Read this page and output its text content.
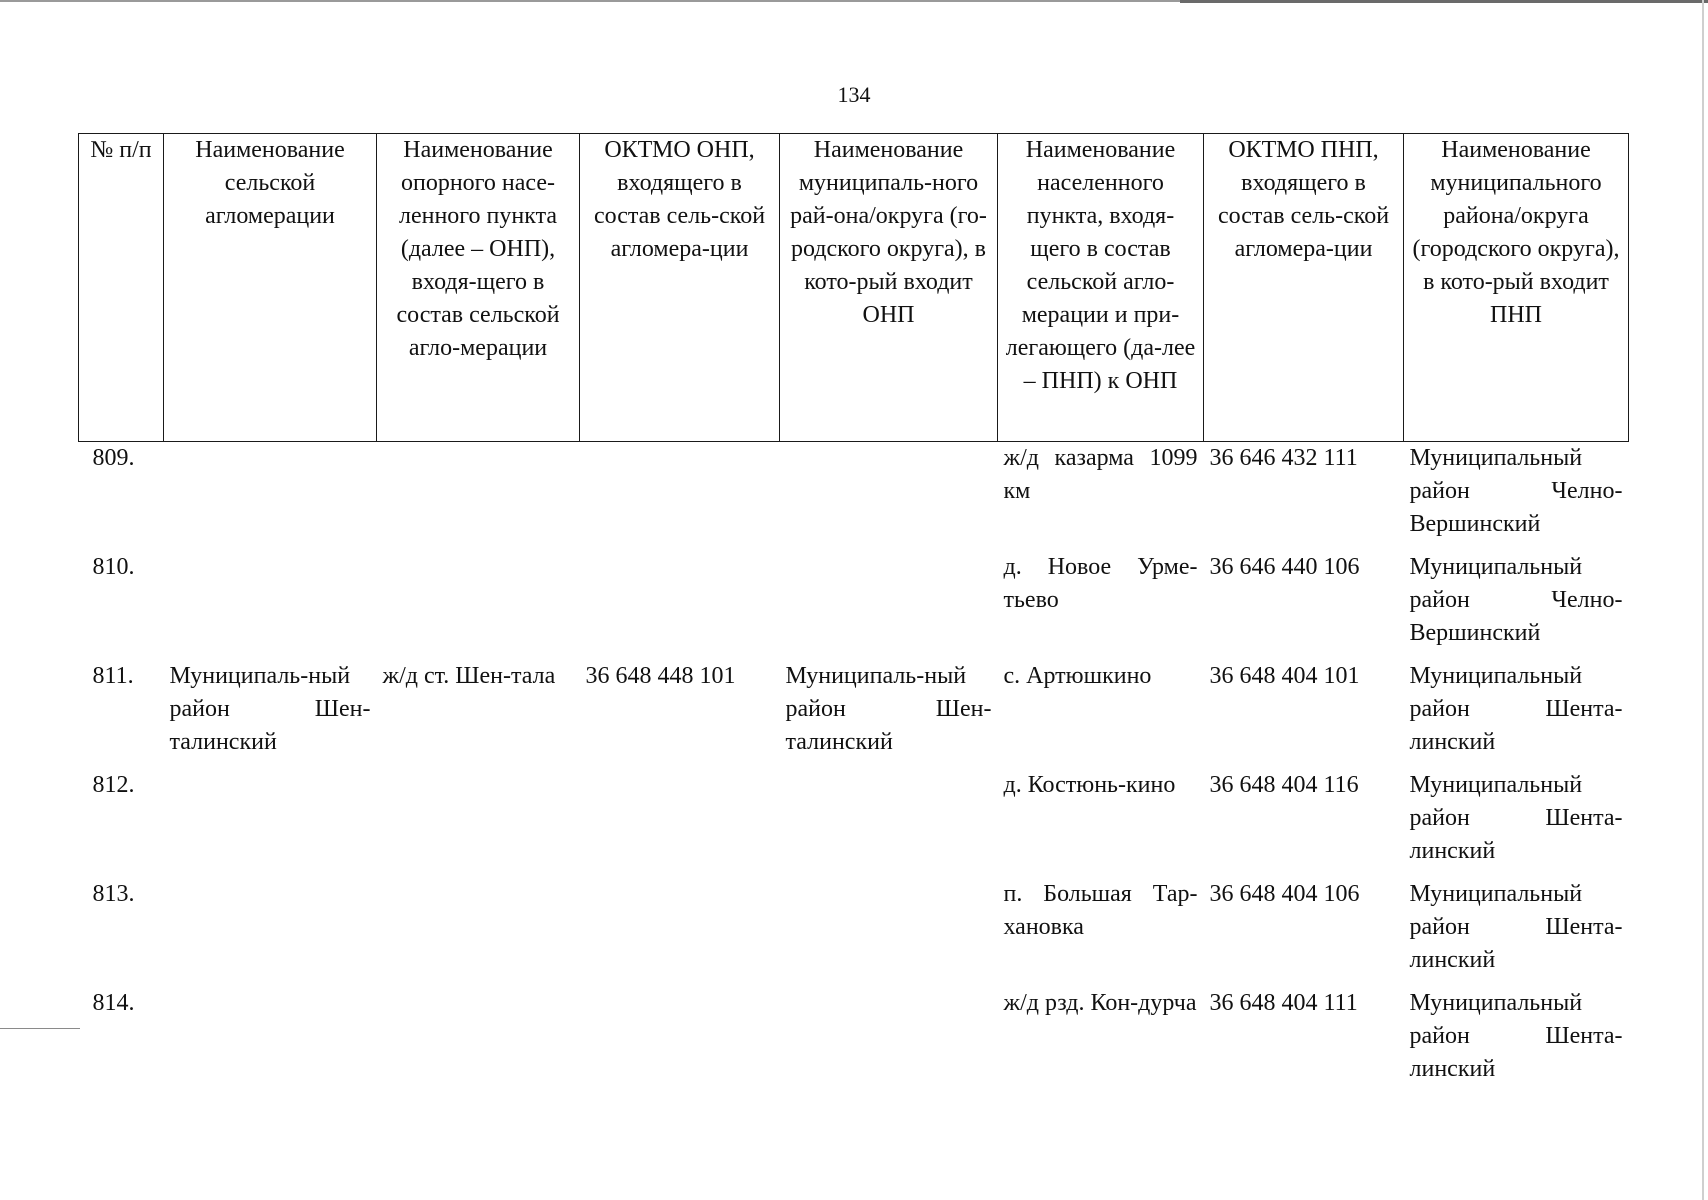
134
№ п/п	Наименование сельской агломерации	Наименование опорного насе-ленного пункта (далее – ОНП), входя-щего в состав сельской агло-мерации	ОКТМО ОНП, входящего в состав сель-ской агломера-ции	Наименование муниципаль-ного рай-она/округа (го-родского округа), в кото-рый входит ОНП	Наименование населенного пункта, входя-щего в состав сельской агло-мерации и при-легающего (да-лее – ПНП) к ОНП	ОКТМО ПНП, входящего в состав сель-ской агломера-ции	Наименование муниципального района/округа (городского округа), в кото-рый входит ПНП

809.					ж/д казарма 1099 км	36 646 432 111	Муниципальный район Челно-Вершинский
810.					д. Новое Урме-тьево	36 646 440 106	Муниципальный район Челно-Вершинский
811.	Муниципаль-ный район Шен-талинский	ж/д ст. Шен-тала	36 648 448 101	Муниципаль-ный район Шен-талинский	с. Артюшкино	36 648 404 101	Муниципальный район Шента-линский
812.					д. Костюнь-кино	36 648 404 116	Муниципальный район Шента-линский
813.					п. Большая Тар-хановка	36 648 404 106	Муниципальный район Шента-линский
814.					ж/д рзд. Кон-дурча	36 648 404 111	Муниципальный район Шента-линский
